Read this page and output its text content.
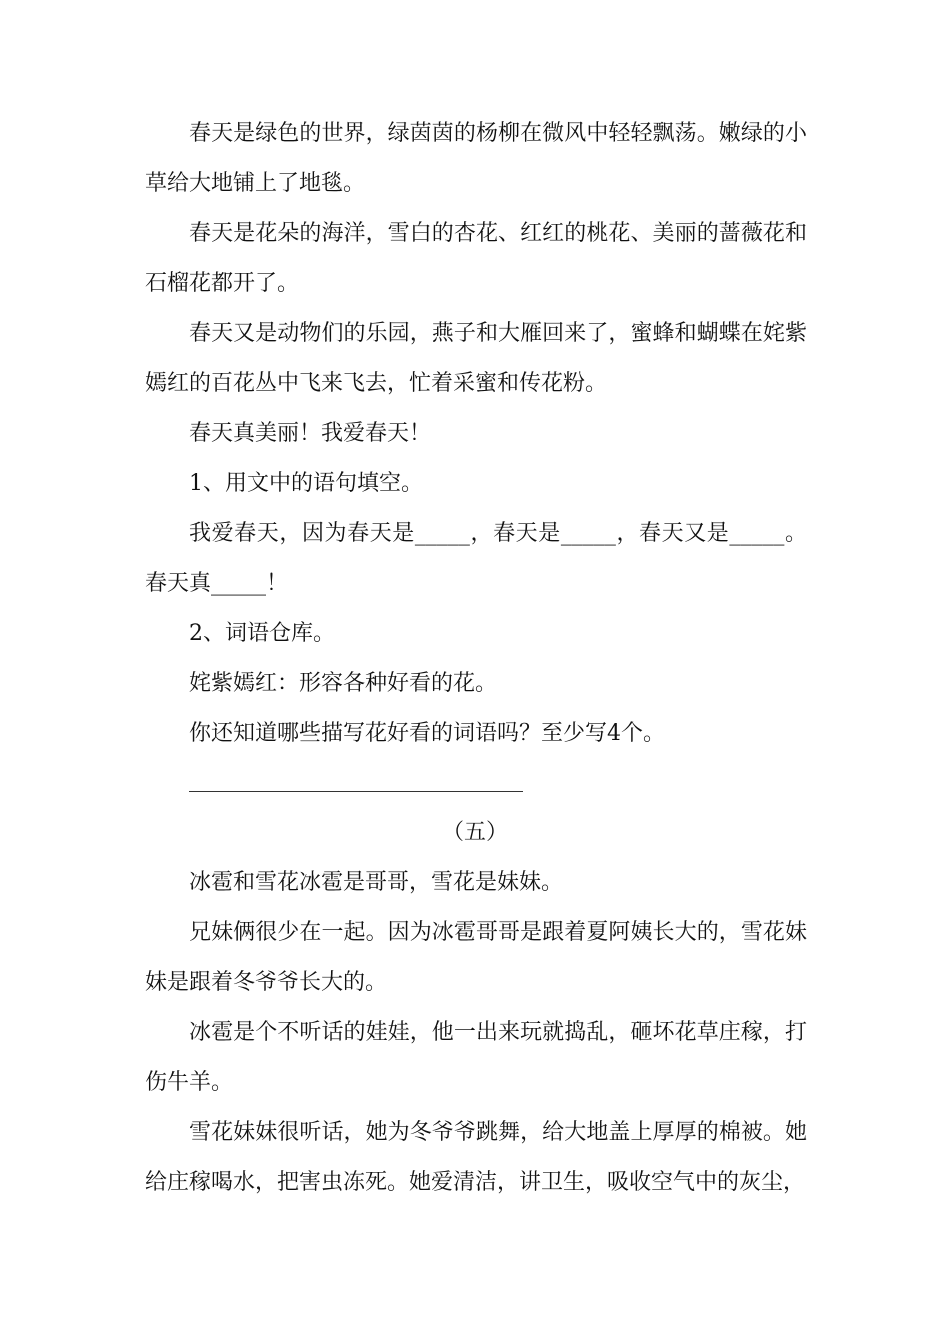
春天是绿色的世界，绿茵茵的杨柳在微风中轻轻飘荡。嫩绿的小草给大地铺上了地毯。

春天是花朵的海洋，雪白的杏花、红红的桃花、美丽的蔷薇花和石榴花都开了。

春天又是动物们的乐园，燕子和大雁回来了，蜜蜂和蝴蝶在姹紫嫣红的百花丛中飞来飞去，忙着采蜜和传花粉。

春天真美丽！我爱春天！

1、用文中的语句填空。

我爱春天，因为春天是_____，春天是_____，春天又是_____。春天真_____！

2、词语仓库。

姹紫嫣红：形容各种好看的花。

你还知道哪些描写花好看的词语吗？至少写4个。

（五）

冰雹和雪花冰雹是哥哥，雪花是妹妹。

兄妹俩很少在一起。因为冰雹哥哥是跟着夏阿姨长大的，雪花妹妹是跟着冬爷爷长大的。

冰雹是个不听话的娃娃，他一出来玩就捣乱，砸坏花草庄稼，打伤牛羊。

雪花妹妹很听话，她为冬爷爷跳舞，给大地盖上厚厚的棉被。她给庄稼喝水，把害虫冻死。她爱清洁，讲卫生，吸收空气中的灰尘，
